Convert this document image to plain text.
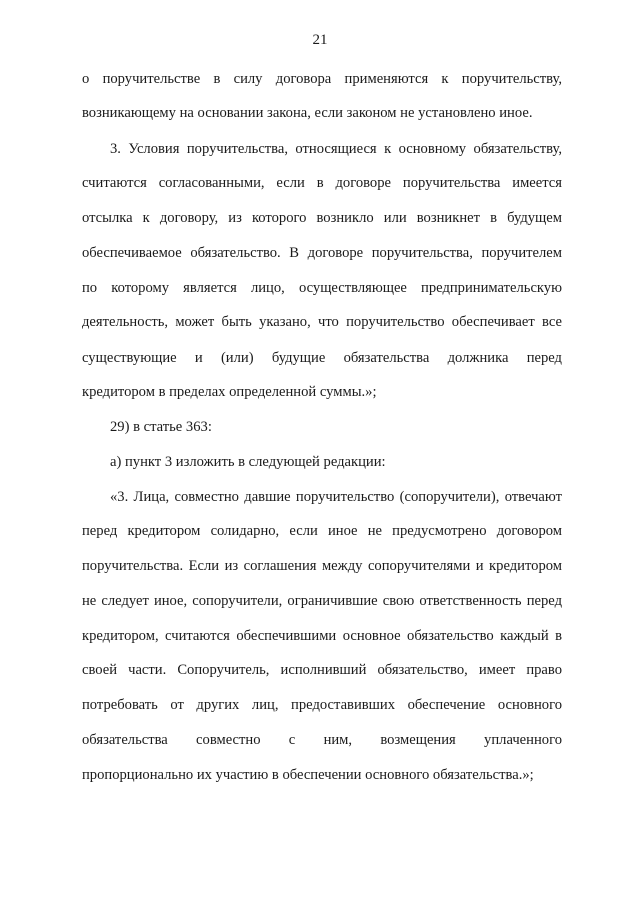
21
о поручительстве в силу договора применяются к поручительству,
возникающему на основании закона, если законом не установлено иное.
3. Условия поручительства, относящиеся к основному обязательству,
считаются согласованными, если в договоре поручительства имеется
отсылка к договору, из которого возникло или возникнет в будущем
обеспечиваемое обязательство. В договоре поручительства, поручителем
по которому является лицо, осуществляющее предпринимательскую
деятельность, может быть указано, что поручительство обеспечивает все
существующие и (или) будущие обязательства должника перед
кредитором в пределах определенной суммы.»;
29) в статье 363:
а) пункт 3 изложить в следующей редакции:
«3. Лица, совместно давшие поручительство (сопоручители), отвечают
перед кредитором солидарно, если иное не предусмотрено договором
поручительства. Если из соглашения между сопоручителями и кредитором
не следует иное, сопоручители, ограничившие свою ответственность перед
кредитором, считаются обеспечившими основное обязательство каждый в
своей части. Сопоручитель, исполнивший обязательство, имеет право
потребовать от других лиц, предоставивших обеспечение основного
обязательства совместно с ним, возмещения уплаченного
пропорционально их участию в обеспечении основного обязательства.»;
